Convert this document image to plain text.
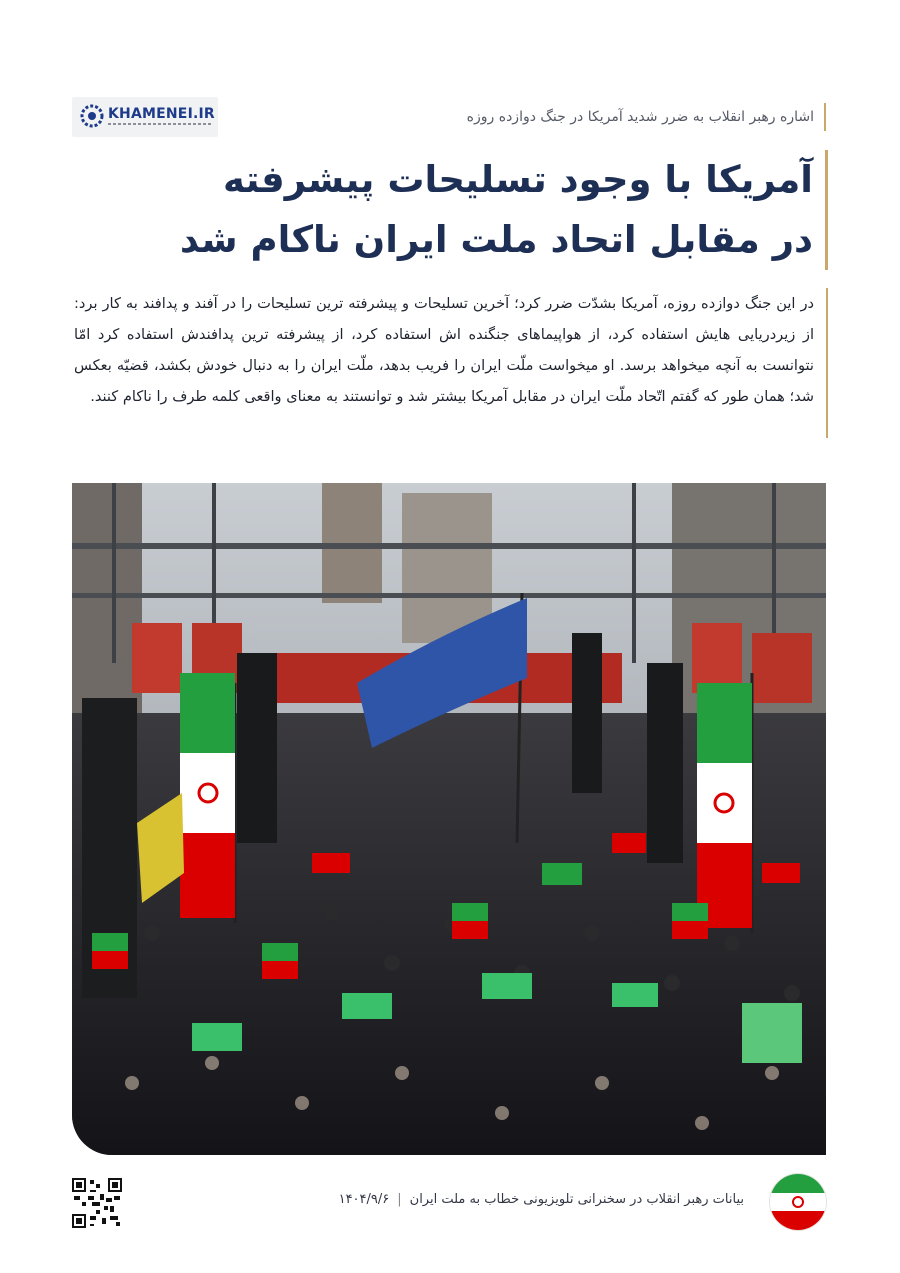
اشاره رهبر انقلاب به ضرر شدید آمریکا در جنگ دوازده روزه
KHAMENEI.IR
آمریکا با وجود تسلیحات پیشرفته
در مقابل اتحاد ملت ایران ناکام شد

در این جنگ دوازده روزه، آمریکا بشدّت ضرر کرد؛ آخرین تسلیحات و پیشرفته ترین تسلیحات را در آفند و پدافند به کار برد: از زیردریایی هایش استفاده کرد، از هواپیماهای جنگنده اش استفاده کرد، از پیشرفته ترین پدافندش استفاده کرد امّا نتوانست به آنچه میخواهد برسد. او میخواست ملّت ایران را فریب بدهد، ملّت ایران را به دنبال خودش بکشد، قضیّه بعکس شد؛ همان طور که گفتم اتّحاد ملّت ایران در مقابل آمریکا بیشتر شد و توانستند به معنای واقعی کلمه طرف را ناکام کنند.

بیانات رهبر انقلاب در سخنرانی تلویزیونی خطاب به ملت ایران|۱۴۰۴/۹/۶
